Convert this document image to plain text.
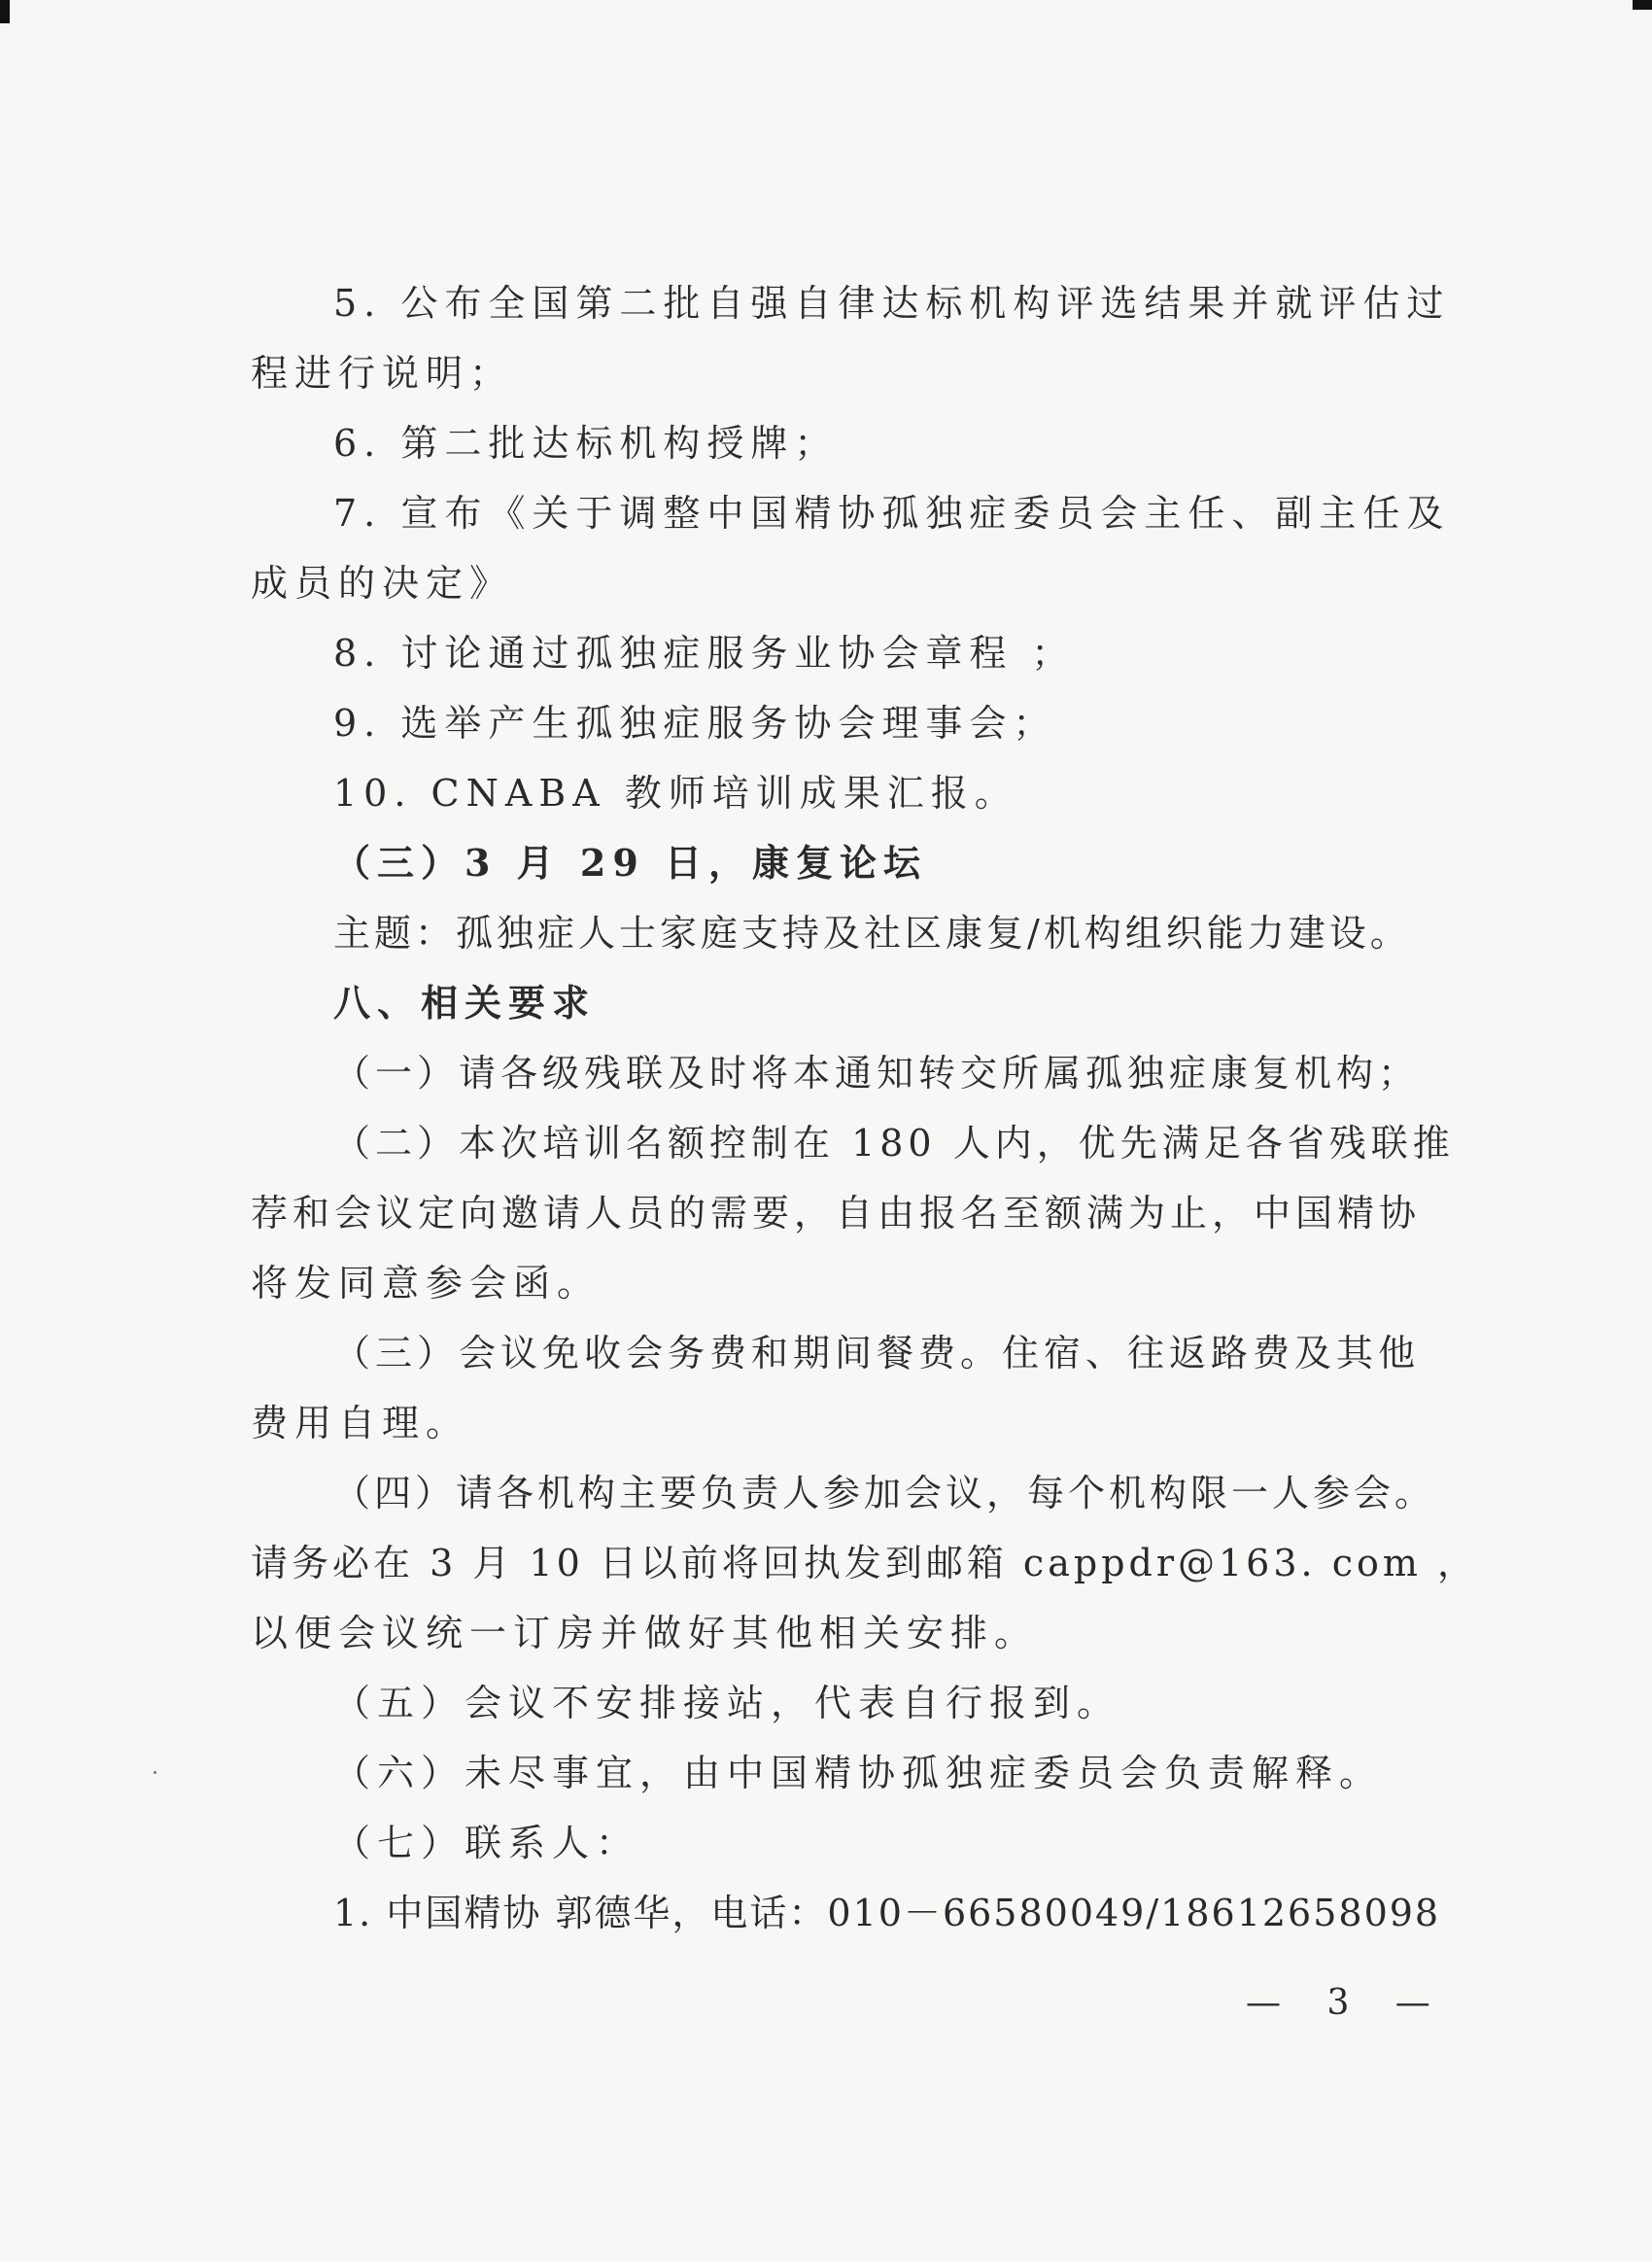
5. 公布全国第二批自强自律达标机构评选结果并就评估过
程进行说明；
6. 第二批达标机构授牌；
7. 宣布《关于调整中国精协孤独症委员会主任、副主任及
成员的决定》
8. 讨论通过孤独症服务业协会章程 ；
9. 选举产生孤独症服务协会理事会；
10. CNABA 教师培训成果汇报。
（三）3 月 29 日，康复论坛
主题：孤独症人士家庭支持及社区康复/机构组织能力建设。
八、相关要求
（一）请各级残联及时将本通知转交所属孤独症康复机构；
（二）本次培训名额控制在 180 人内，优先满足各省残联推
荐和会议定向邀请人员的需要，自由报名至额满为止，中国精协
将发同意参会函。
（三）会议免收会务费和期间餐费。住宿、往返路费及其他
费用自理。
（四）请各机构主要负责人参加会议，每个机构限一人参会。
请务必在 3 月 10 日以前将回执发到邮箱 cappdr@163. com ，
以便会议统一订房并做好其他相关安排。
（五）会议不安排接站，代表自行报到。
（六）未尽事宜，由中国精协孤独症委员会负责解释。
（七）联系人：
1. 中国精协 郭德华，电话：010－66580049/18612658098
— 3 —
